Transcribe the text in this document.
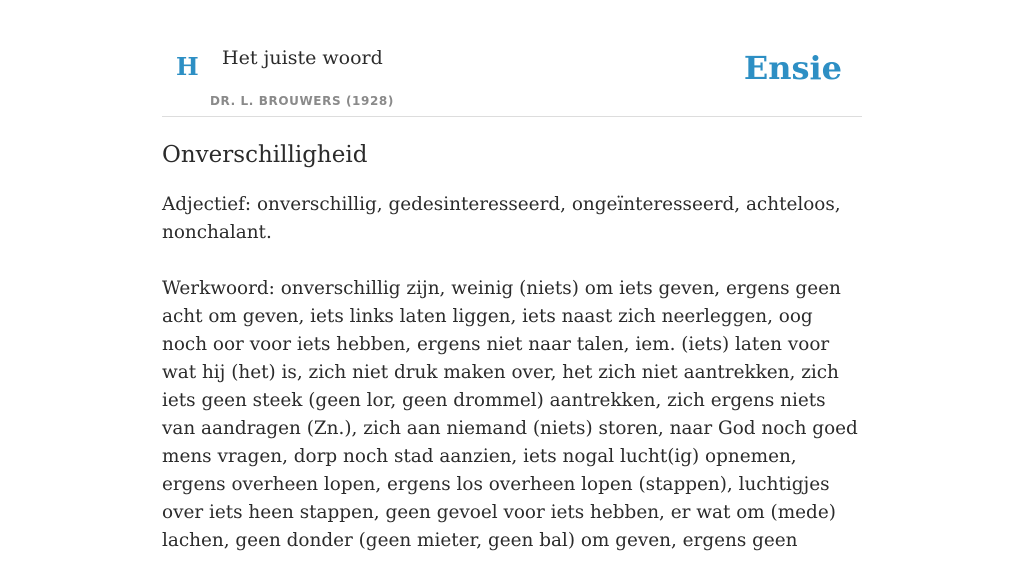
H Het juiste woord
DR. L. BROUWERS (1928)
Ensie
Onverschilligheid

Adjectief: onverschillig, gedesinteresseerd, ongeïnteresseerd, achteloos, nonchalant.

Werkwoord: onverschillig zijn, weinig (niets) om iets geven, ergens geen acht om geven, iets links laten liggen, iets naast zich neerleggen, oog noch oor voor iets hebben, ergens niet naar talen, iem. (iets) laten voor wat hij (het) is, zich niet druk maken over, het zich niet aantrekken, zich iets geen steek (geen lor, geen drommel) aantrekken, zich ergens niets van aandragen (Zn.), zich aan niemand (niets) storen, naar God noch goed mens vragen, dorp noch stad aanzien, iets nogal lucht(ig) opnemen, ergens overheen lopen, ergens los overheen lopen (stappen), luchtigjes over iets heen stappen, geen gevoel voor iets hebben, er wat om (mede) lachen, geen donder (geen mieter, geen bal) om geven, ergens geen
